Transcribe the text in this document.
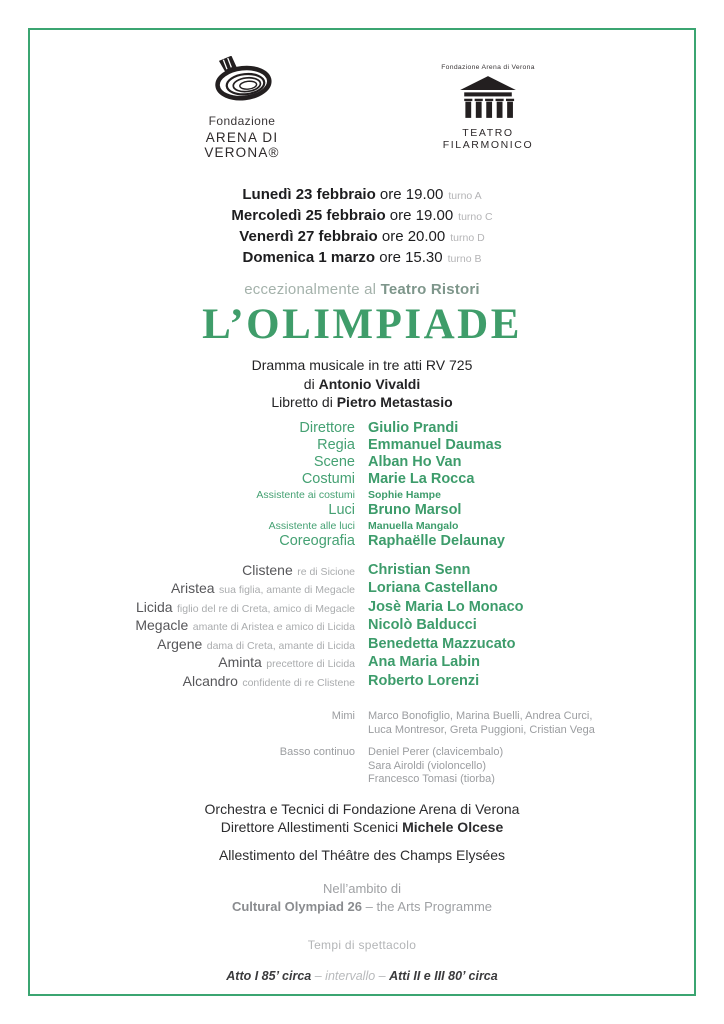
Fondazione
ARENA DI VERONA®
Fondazione Arena di Verona
TEATRO FILARMONICO
Lunedì 23 febbraio ore 19.00 turno A
Mercoledì 25 febbraio ore 19.00 turno C
Venerdì 27 febbraio ore 20.00 turno D
Domenica 1 marzo ore 15.30 turno B
eccezionalmente al Teatro Ristori
L’OLIMPIADE
Dramma musicale in tre atti RV 725
di Antonio Vivaldi
Libretto di Pietro Metastasio
Direttore Giulio Prandi
Regia Emmanuel Daumas
Scene Alban Ho Van
Costumi Marie La Rocca
Assistente ai costumi Sophie Hampe
Luci Bruno Marsol
Assistente alle luci Manuella Mangalo
Coreografia Raphaëlle Delaunay
Clistene re di Sicione Christian Senn
Aristea sua figlia, amante di Megacle Loriana Castellano
Licida figlio del re di Creta, amico di Megacle Josè Maria Lo Monaco
Megacle amante di Aristea e amico di Licida Nicolò Balducci
Argene dama di Creta, amante di Licida Benedetta Mazzucato
Aminta precettore di Licida Ana Maria Labin
Alcandro confidente di re Clistene Roberto Lorenzi
Mimi Marco Bonofiglio, Marina Buelli, Andrea Curci,
Luca Montresor, Greta Puggioni, Cristian Vega
Basso continuo Deniel Perer (clavicembalo)
Sara Airoldi (violoncello)
Francesco Tomasi (tiorba)
Orchestra e Tecnici di Fondazione Arena di Verona
Direttore Allestimenti Scenici Michele Olcese
Allestimento del Théâtre des Champs Elysées
Nell’ambito di
Cultural Olympiad 26 – the Arts Programme
Tempi di spettacolo
Atto I 85’ circa – intervallo – Atti II e III 80’ circa
